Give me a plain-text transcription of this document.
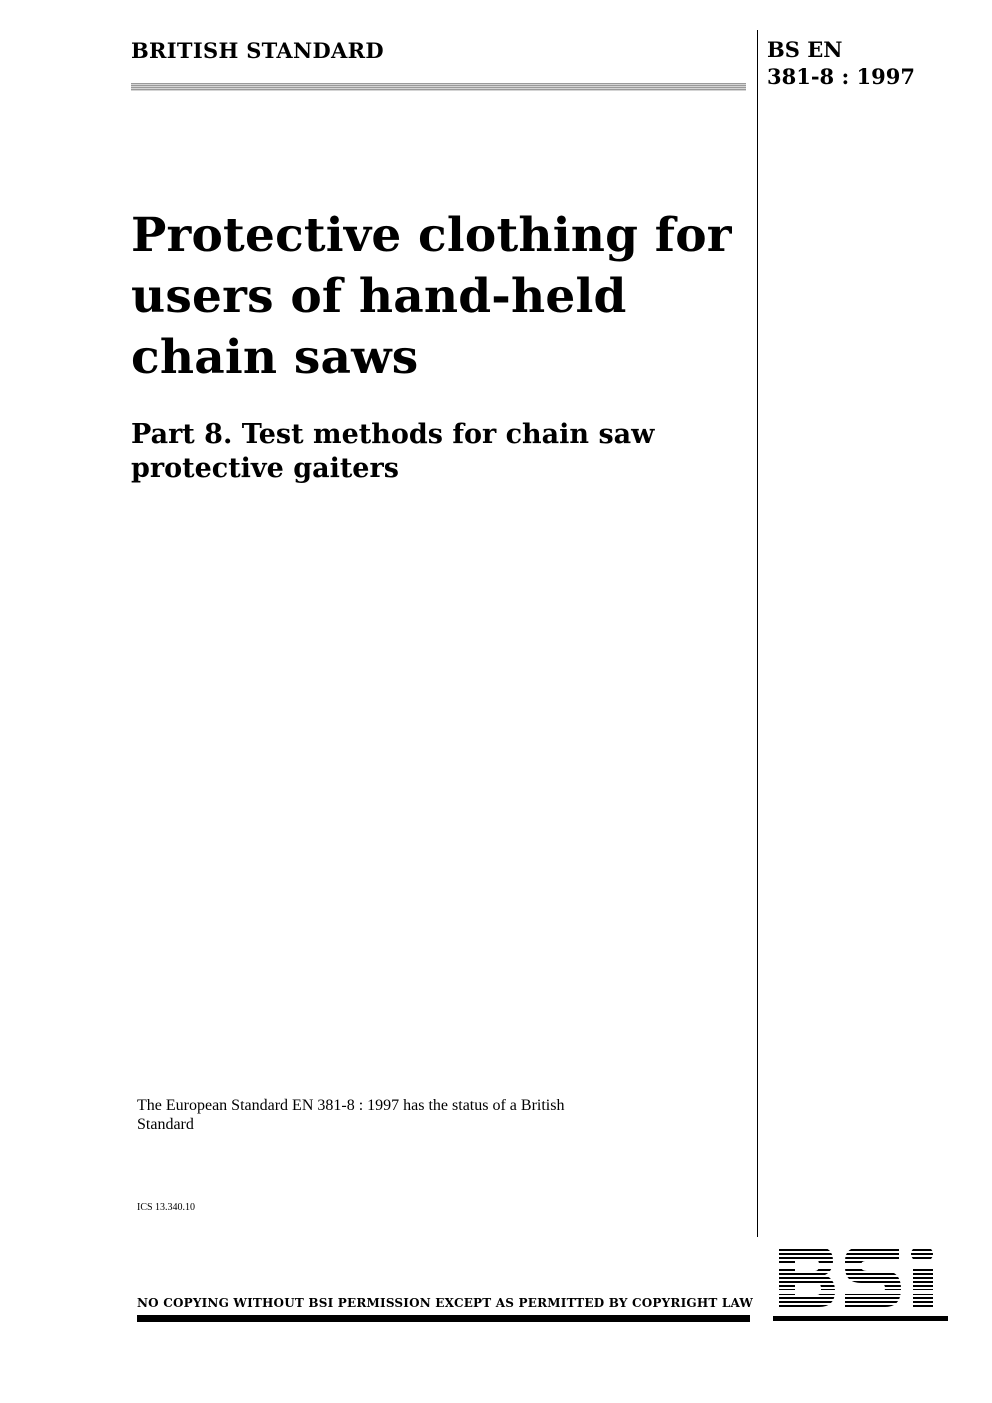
BRITISH STANDARD	BS EN
381-8 : 1997
Protective clothing for users of hand-held chain saws
Part 8. Test methods for chain saw protective gaiters
The European Standard EN 381-8 : 1997 has the status of a British Standard
ICS 13.340.10
NO COPYING WITHOUT BSI PERMISSION EXCEPT AS PERMITTED BY COPYRIGHT LAW
